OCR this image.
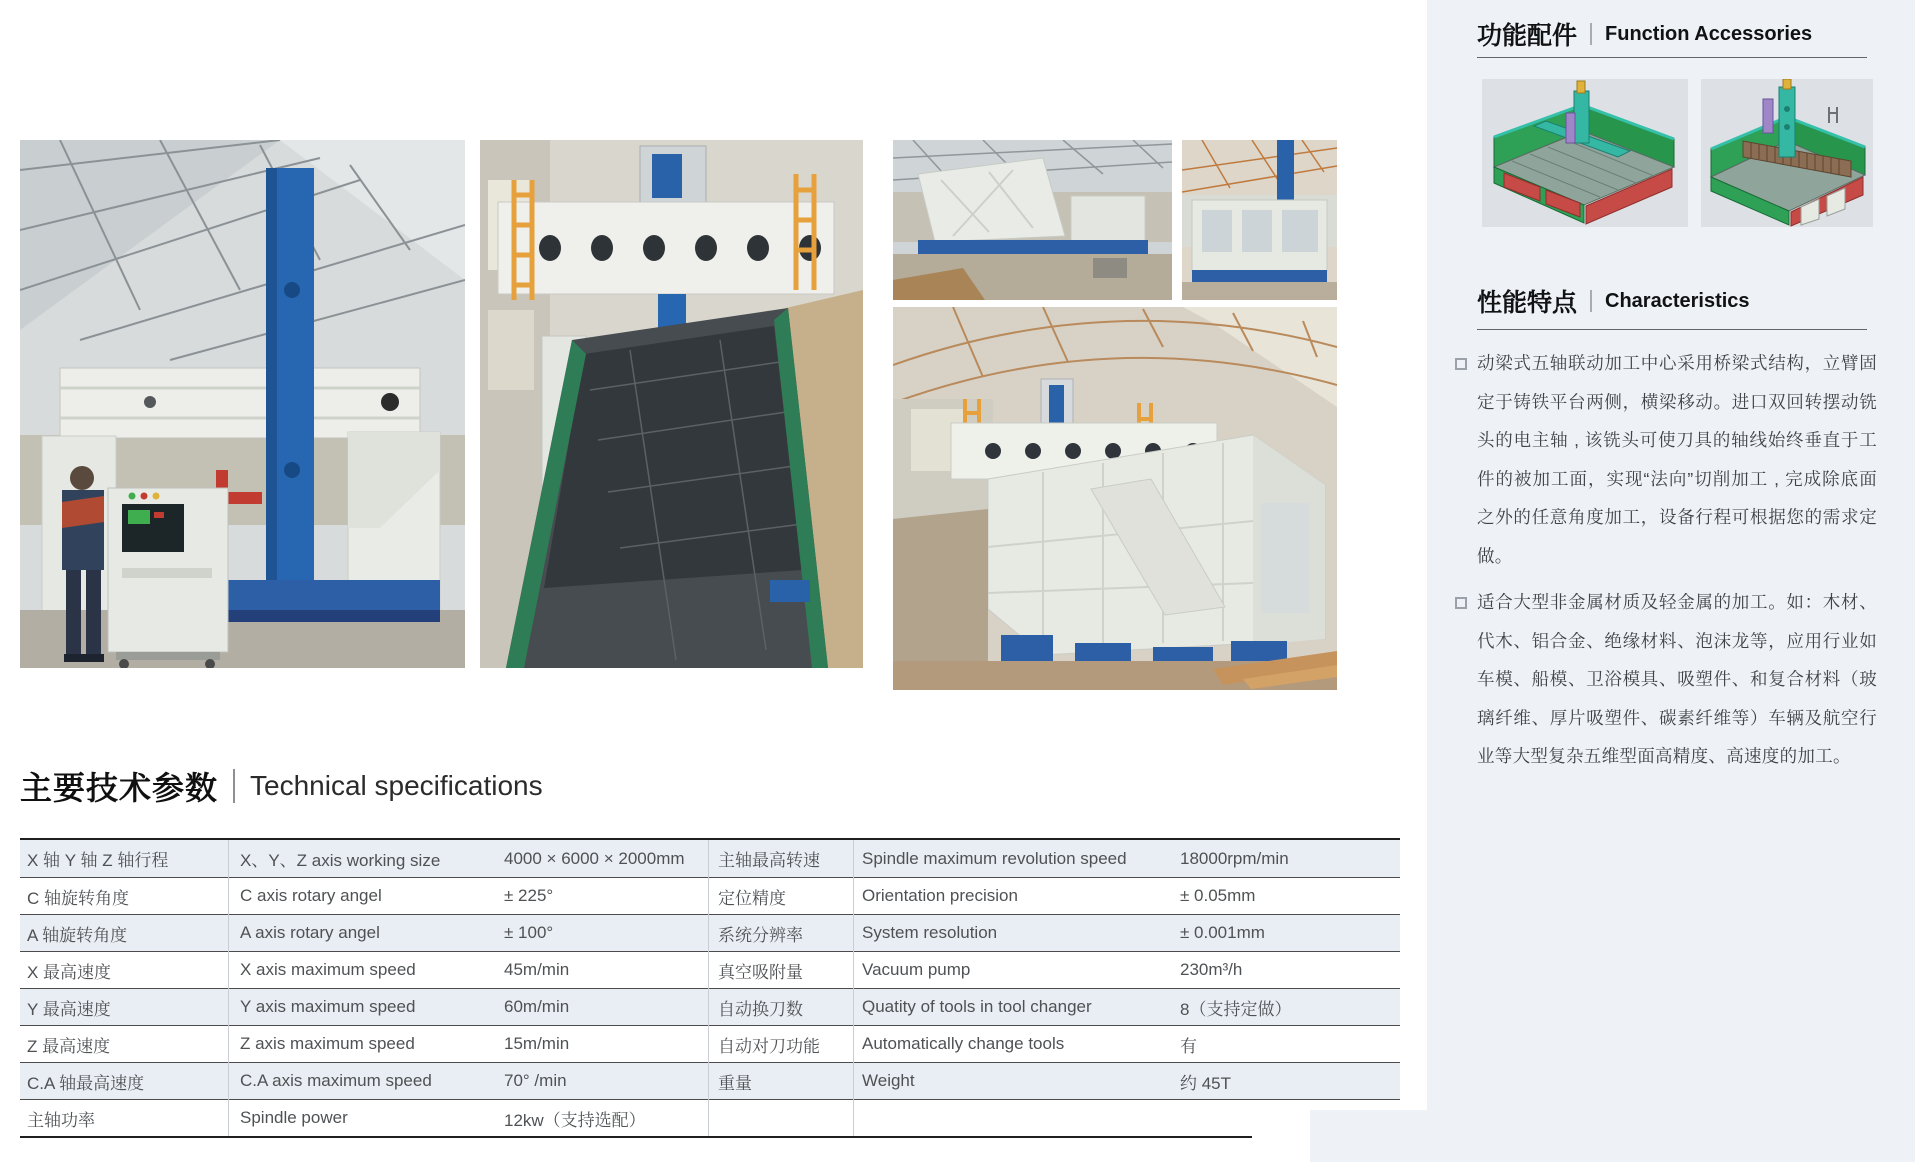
主要技术参数 Technical specifications
X 轴 Y 轴 Z 轴行程	X、Y、Z axis working size	4000 × 6000 × 2000mm	主轴最高转速	Spindle maximum revolution speed	18000rpm/min
C 轴旋转角度	C axis rotary angel	± 225°	定位精度	Orientation precision	± 0.05mm
A 轴旋转角度	A axis rotary angel	± 100°	系统分辨率	System resolution	± 0.001mm
X 最高速度	X axis maximum speed	45m/min	真空吸附量	Vacuum pump	230m³/h
Y 最高速度	Y axis maximum speed	60m/min	自动换刀数	Quatity of tools in tool changer	8（支持定做）
Z 最高速度	Z axis maximum speed	15m/min	自动对刀功能	Automatically change tools	有
C.A 轴最高速度	C.A axis maximum speed	70° /min	重量	Weight	约 45T
主轴功率	Spindle power	12kw（支持选配）
功能配件 Function Accessories
性能特点 Characteristics

动梁式五轴联动加工中心采用桥梁式结构，立臂固定于铸铁平台两侧，横梁移动。进口双回转摆动铣头的电主轴 , 该铣头可使刀具的轴线始终垂直于工件的被加工面，实现“法向”切削加工 , 完成除底面之外的任意角度加工，设备行程可根据您的需求定做。

适合大型非金属材质及轻金属的加工。如：木材、代木、铝合金、绝缘材料、泡沫龙等，应用行业如车模、船模、卫浴模具、吸塑件、和复合材料（玻璃纤维、厚片吸塑件、碳素纤维等）车辆及航空行业等大型复杂五维型面高精度、高速度的加工。
